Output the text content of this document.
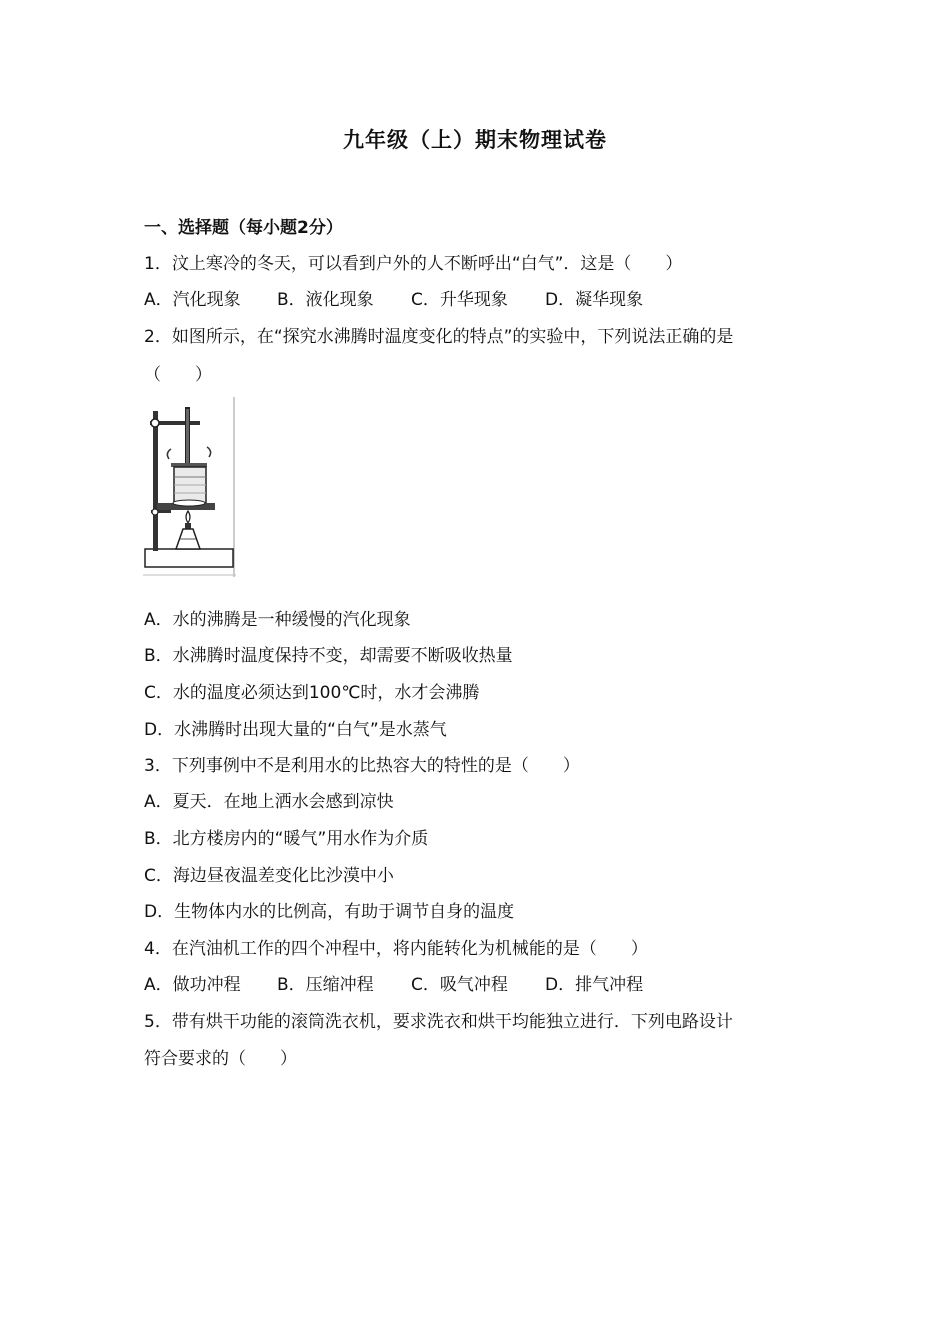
九年级（上）期末物理试卷
一、选择题（每小题2分）
1．汶上寒冷的冬天，可以看到户外的人不断呼出“白气”．这是（　　）
A．汽化现象 B．液化现象 C．升华现象 D．凝华现象
2．如图所示，在“探究水沸腾时温度变化的特点”的实验中，下列说法正确的是
（　　）
A．水的沸腾是一种缓慢的汽化现象
B．水沸腾时温度保持不变，却需要不断吸收热量
C．水的温度必须达到100℃时，水才会沸腾
D．水沸腾时出现大量的“白气”是水蒸气
3．下列事例中不是利用水的比热容大的特性的是（　　）
A．夏天．在地上洒水会感到凉快
B．北方楼房内的“暖气”用水作为介质
C．海边昼夜温差变化比沙漠中小
D．生物体内水的比例高，有助于调节自身的温度
4．在汽油机工作的四个冲程中，将内能转化为机械能的是（　　）
A．做功冲程 B．压缩冲程 C．吸气冲程 D．排气冲程
5．带有烘干功能的滚筒洗衣机，要求洗衣和烘干均能独立进行．下列电路设计
符合要求的（　　）
